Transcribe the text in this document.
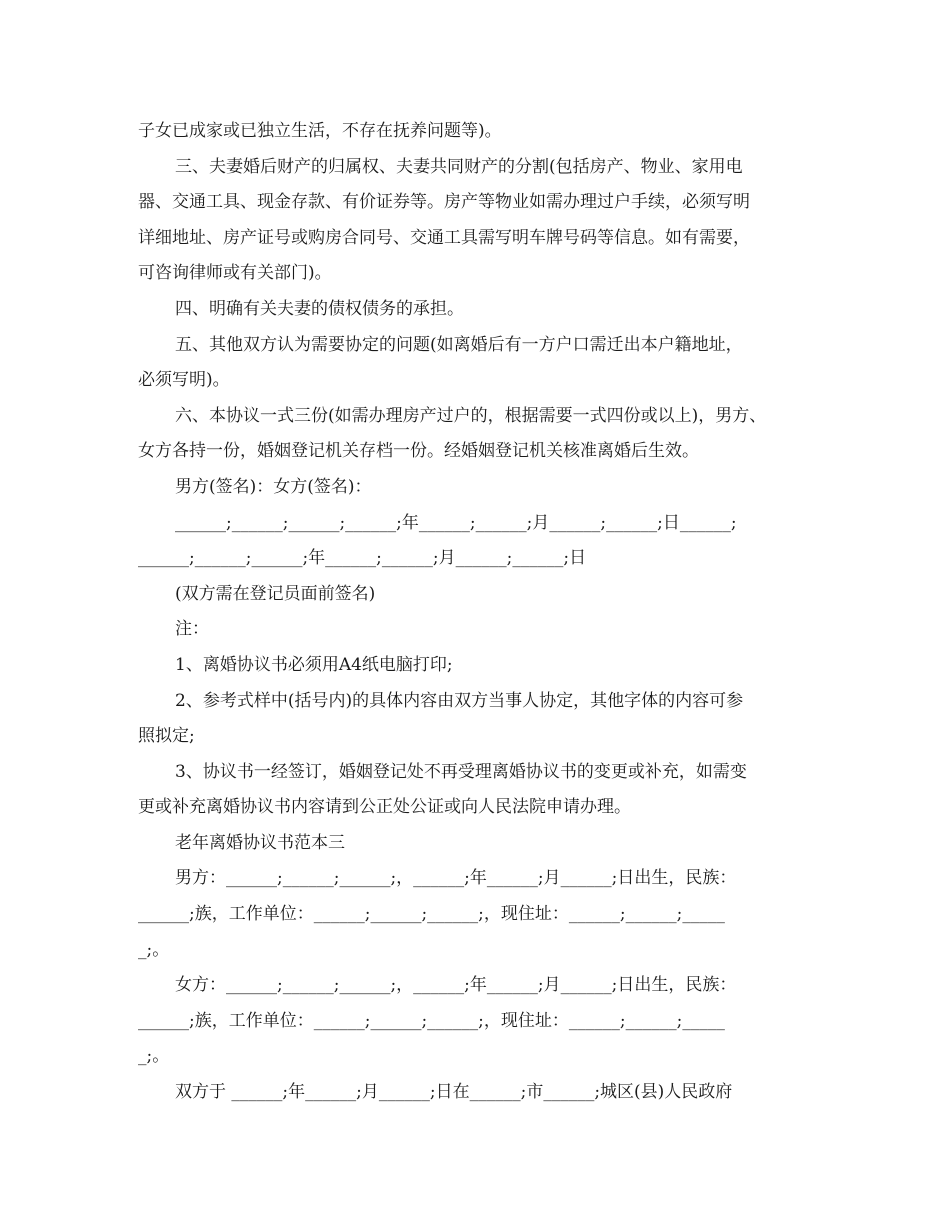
子女已成家或已独立生活，不存在抚养问题等)。
三、夫妻婚后财产的归属权、夫妻共同财产的分割(包括房产、物业、家用电
器、交通工具、现金存款、有价证券等。房产等物业如需办理过户手续，必须写明
详细地址、房产证号或购房合同号、交通工具需写明车牌号码等信息。如有需要，
可咨询律师或有关部门)。
四、明确有关夫妻的债权债务的承担。
五、其他双方认为需要协定的问题(如离婚后有一方户口需迁出本户籍地址，
必须写明)。
六、本协议一式三份(如需办理房产过户的，根据需要一式四份或以上)，男方、
女方各持一份，婚姻登记机关存档一份。经婚姻登记机关核准离婚后生效。
男方(签名)：女方(签名)：
______;______;______;______;年______;______;月______;______;日______;
______;______;______;年______;______;月______;______;日
(双方需在登记员面前签名)
注：
1、离婚协议书必须用A4纸电脑打印;
2、参考式样中(括号内)的具体内容由双方当事人协定，其他字体的内容可参
照拟定;
3、协议书一经签订，婚姻登记处不再受理离婚协议书的变更或补充，如需变
更或补充离婚协议书内容请到公正处公证或向人民法院申请办理。
老年离婚协议书范本三
男方：______;______;______;，______;年______;月______;日出生，民族：
______;族，工作单位：______;______;______;，现住址：______;______;_____
_;。
女方：______;______;______;，______;年______;月______;日出生，民族：
______;族，工作单位：______;______;______;，现住址：______;______;_____
_;。
双方于 ______;年______;月______;日在______;市______;城区(县)人民政府
